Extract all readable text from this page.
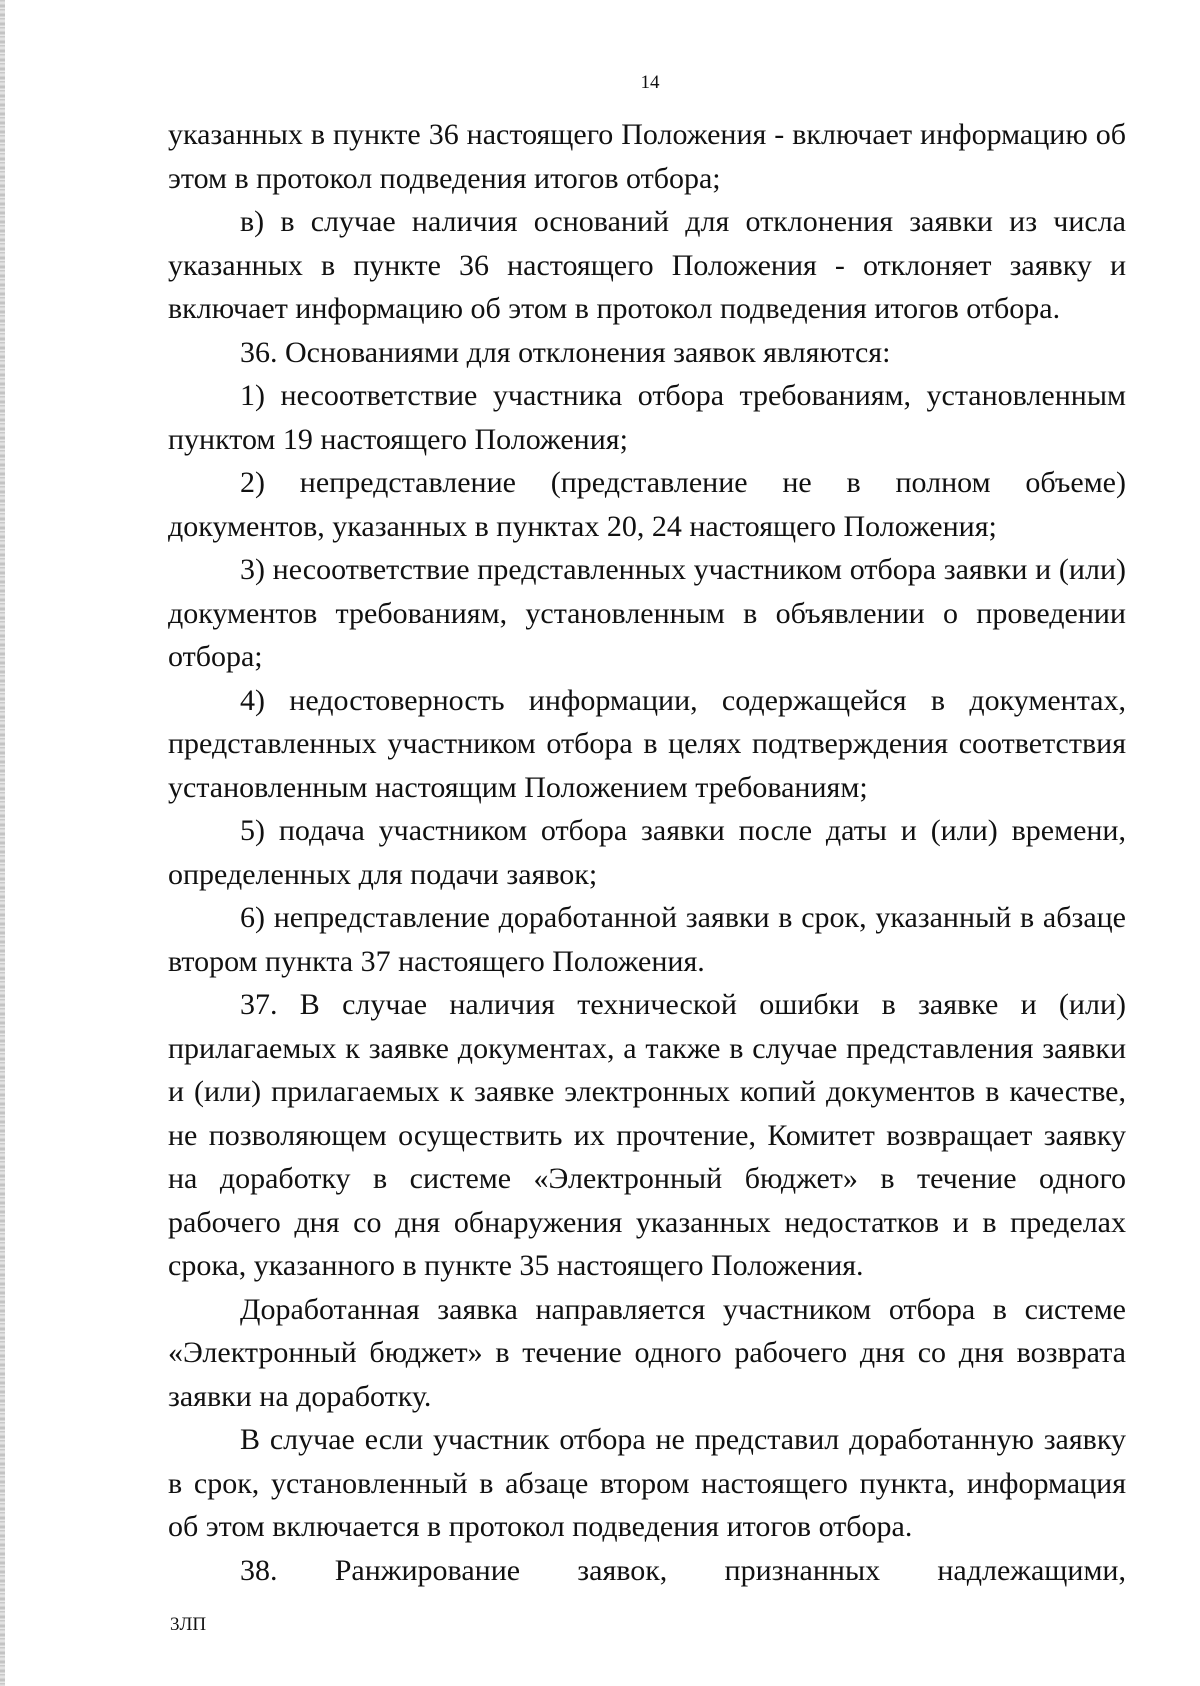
14

указанных в пункте 36 настоящего Положения - включает информацию об этом в протокол подведения итогов отбора;

в) в случае наличия оснований для отклонения заявки из числа указанных в пункте 36 настоящего Положения - отклоняет заявку и включает информацию об этом в протокол подведения итогов отбора.

36. Основаниями для отклонения заявок являются:

1) несоответствие участника отбора требованиям, установленным пунктом 19 настоящего Положения;

2) непредставление (представление не в полном объеме) документов, указанных в пунктах 20, 24 настоящего Положения;

3) несоответствие представленных участником отбора заявки и (или) документов требованиям, установленным в объявлении о проведении отбора;

4) недостоверность информации, содержащейся в документах, представленных участником отбора в целях подтверждения соответствия установленным настоящим Положением требованиям;

5) подача участником отбора заявки после даты и (или) времени, определенных для подачи заявок;

6) непредставление доработанной заявки в срок, указанный в абзаце втором пункта 37 настоящего Положения.

37. В случае наличия технической ошибки в заявке и (или) прилагаемых к заявке документах, а также в случае представления заявки и (или) прилагаемых к заявке электронных копий документов в качестве, не позволяющем осуществить их прочтение, Комитет возвращает заявку на доработку в системе «Электронный бюджет» в течение одного рабочего дня со дня обнаружения указанных недостатков и в пределах срока, указанного в пункте 35 настоящего Положения.

Доработанная заявка направляется участником отбора в системе «Электронный бюджет» в течение одного рабочего дня со дня возврата заявки на доработку.

В случае если участник отбора не представил доработанную заявку в срок, установленный в абзаце втором настоящего пункта, информация об этом включается в протокол подведения итогов отбора.

38. Ранжирование заявок, признанных надлежащими,

3ЛП
